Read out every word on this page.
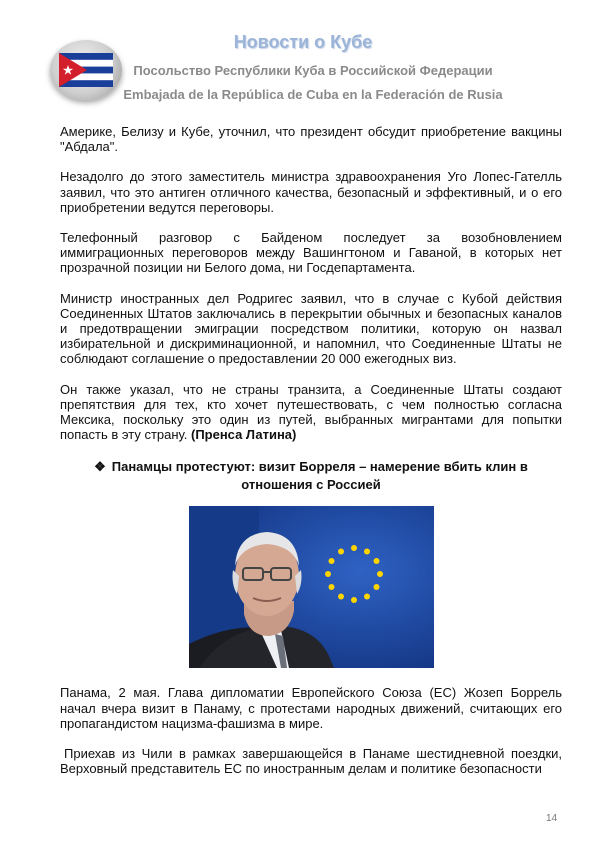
Новости о Кубе
Посольство Республики Куба в Российской Федерации
Embajada de la República de Cuba en la Federación de Rusia

Америке, Белизу и Кубе, уточнил, что президент обсудит приобретение вакцины "Абдала".

Незадолго до этого заместитель министра здравоохранения Уго Лопес-Гателль заявил, что это антиген отличного качества, безопасный и эффективный, и о его приобретении ведутся переговоры.

Телефонный разговор с Байденом последует за возобновлением иммиграционных переговоров между Вашингтоном и Гаваной, в которых нет прозрачной позиции ни Белого дома, ни Госдепартамента.

Министр иностранных дел Родригес заявил, что в случае с Кубой действия Соединенных Штатов заключались в перекрытии обычных и безопасных каналов и предотвращении эмиграции посредством политики, которую он назвал избирательной и дискриминационной, и напомнил, что Соединенные Штаты не соблюдают соглашение о предоставлении 20 000 ежегодных виз.

Он также указал, что не страны транзита, а Соединенные Штаты создают препятствия для тех, кто хочет путешествовать, с чем полностью согласна Мексика, поскольку это один из путей, выбранных мигрантами для попытки попасть в эту страну. (Пренса Латина)

❖ Панамцы протестуют: визит Борреля – намерение вбить клин в отношения с Россией

Панама, 2 мая. Глава дипломатии Европейского Союза (ЕС) Жозеп Боррель начал вчера визит в Панаму, с протестами народных движений, считающих его пропагандистом нацизма-фашизма в мире.

Приехав из Чили в рамках завершающейся в Панаме шестидневной поездки, Верховный представитель ЕС по иностранным делам и политике безопасности

14
